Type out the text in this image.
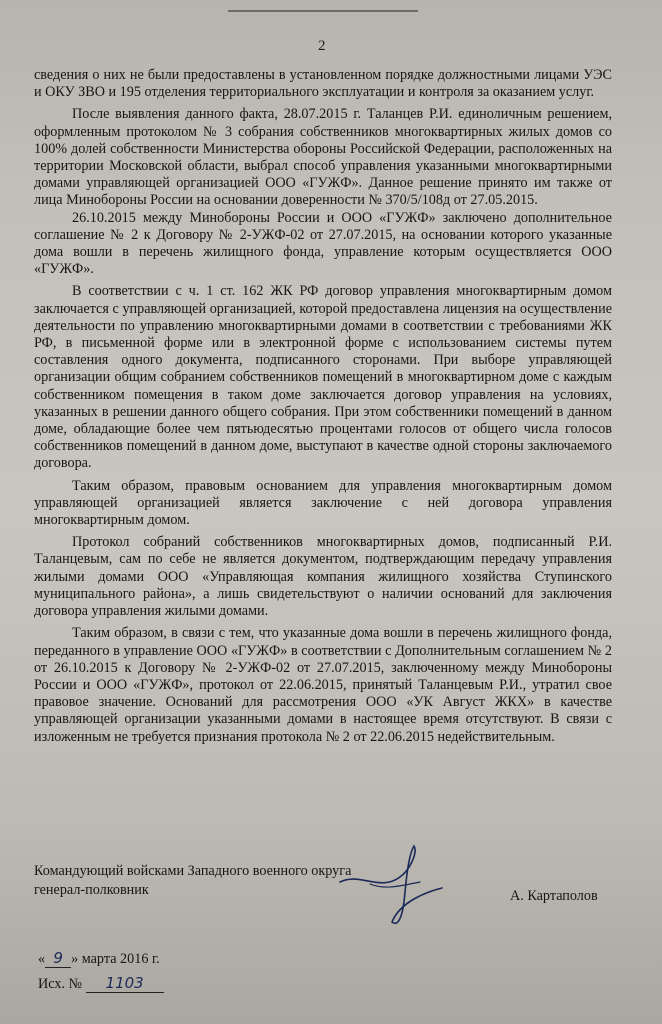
2

сведения о них не были предоставлены в установленном порядке должностными лицами УЭС и ОКУ ЗВО и 195 отделения территориального эксплуатации и контроля за оказанием услуг.

После выявления данного факта, 28.07.2015 г. Таланцев Р.И. единоличным решением, оформленным протоколом № 3 собрания собственников многоквартирных жилых домов со 100% долей собственности Министерства обороны Российской Федерации, расположенных на территории Московской области, выбрал способ управления указанными многоквартирными домами управляющей организацией ООО «ГУЖФ». Данное решение принято им также от лица Минобороны России на основании доверенности № 370/5/108д от 27.05.2015.

26.10.2015 между Минобороны России и ООО «ГУЖФ» заключено дополнительное соглашение № 2 к Договору № 2-УЖФ-02 от 27.07.2015, на основании которого указанные дома вошли в перечень жилищного фонда, управление которым осуществляется ООО «ГУЖФ».

В соответствии с ч. 1 ст. 162 ЖК РФ договор управления многоквартирным домом заключается с управляющей организацией, которой предоставлена лицензия на осуществление деятельности по управлению многоквартирными домами в соответствии с требованиями ЖК РФ, в письменной форме или в электронной форме с использованием системы путем составления одного документа, подписанного сторонами. При выборе управляющей организации общим собранием собственников помещений в многоквартирном доме с каждым собственником помещения в таком доме заключается договор управления на условиях, указанных в решении данного общего собрания. При этом собственники помещений в данном доме, обладающие более чем пятьюдесятью процентами голосов от общего числа голосов собственников помещений в данном доме, выступают в качестве одной стороны заключаемого договора.

Таким образом, правовым основанием для управления многоквартирным домом управляющей организацией является заключение с ней договора управления многоквартирным домом.

Протокол собраний собственников многоквартирных домов, подписанный Р.И. Таланцевым, сам по себе не является документом, подтверждающим передачу управления жилыми домами ООО «Управляющая компания жилищного хозяйства Ступинского муниципального района», а лишь свидетельствуют о наличии оснований для заключения договора управления жилыми домами.

Таким образом, в связи с тем, что указанные дома вошли в перечень жилищного фонда, переданного в управление ООО «ГУЖФ» в соответствии с Дополнительным соглашением № 2 от 26.10.2015 к Договору № 2-УЖФ-02 от 27.07.2015, заключенному между Минобороны России и ООО «ГУЖФ», протокол от 22.06.2015, принятый Таланцевым Р.И., утратил свое правовое значение. Оснований для рассмотрения ООО «УК Август ЖКХ» в качестве управляющей организации указанными домами в настоящее время отсутствуют. В связи с изложенным не требуется признания протокола № 2 от 22.06.2015 недействительным.

Командующий войсками Западного военного округа
генерал-полковник	А. Картаполов
« 9 » марта 2016 г.
Исх. № 1103
